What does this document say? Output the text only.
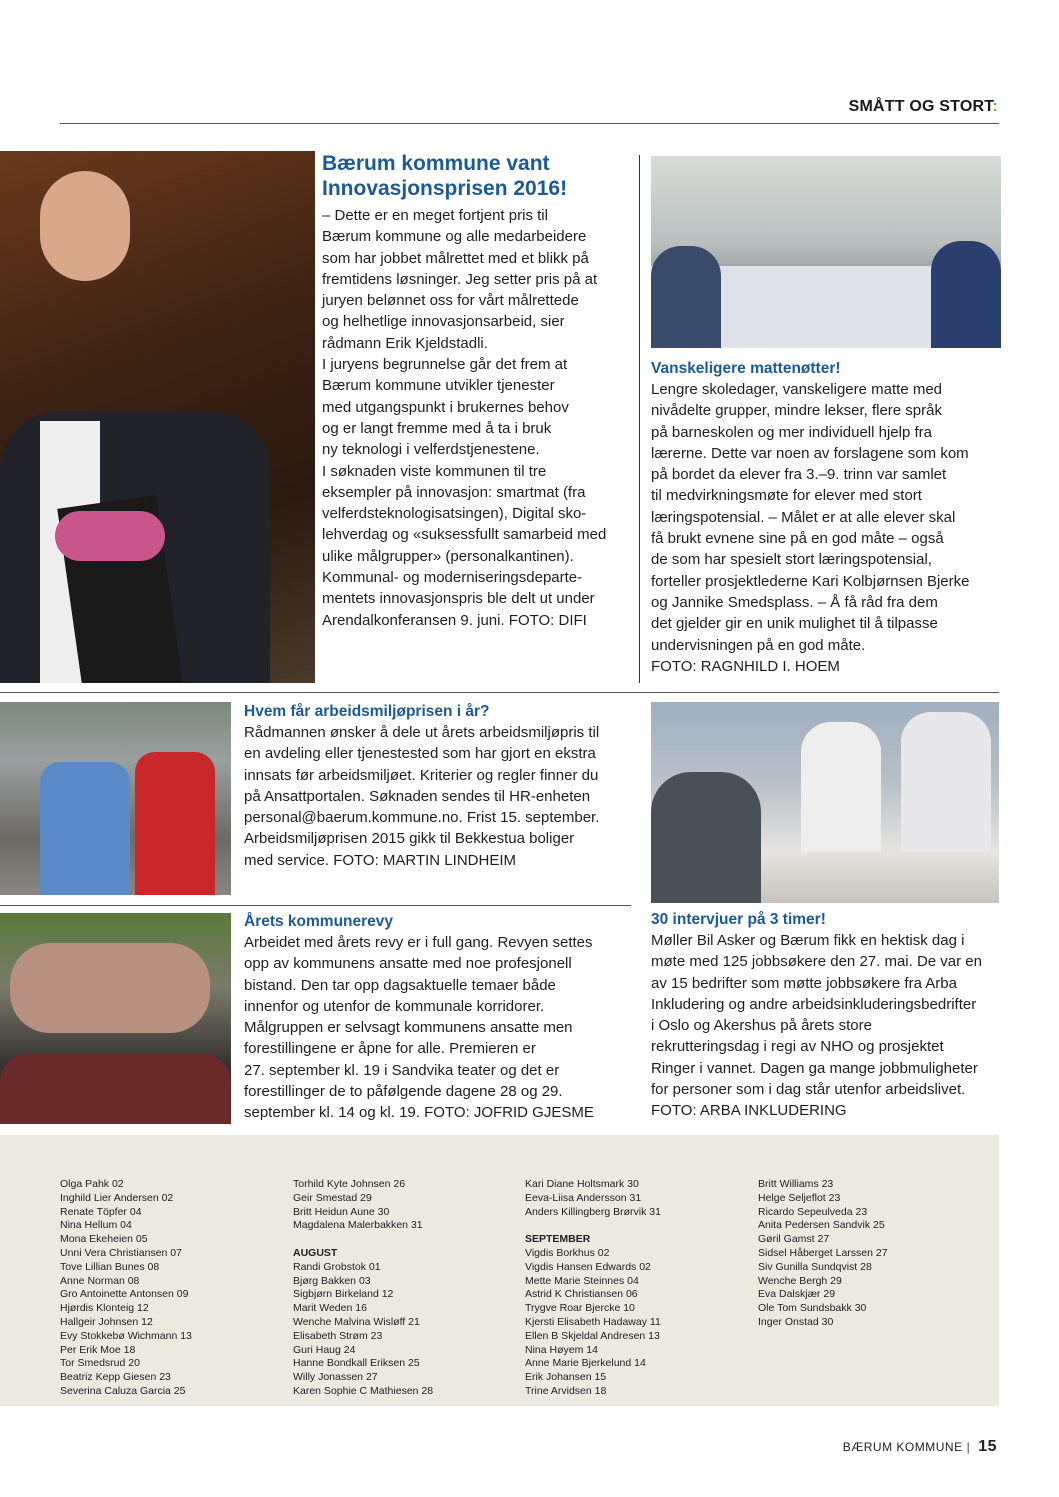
SMÅTT OG STORT:
Bærum kommune vant
Innovasjonsprisen 2016!
– Dette er en meget fortjent pris til
Bærum kommune og alle medarbeidere
som har jobbet målrettet med et blikk på
fremtidens løsninger. Jeg setter pris på at
juryen belønnet oss for vårt målrettede
og helhetlige innovasjonsarbeid, sier
rådmann Erik Kjeldstadli.
I juryens begrunnelse går det frem at
Bærum kommune utvikler tjenester
med utgangspunkt i brukernes behov
og er langt fremme med å ta i bruk
ny teknologi i velferdstjenestene.
I søknaden viste kommunen til tre
eksempler på innovasjon: smartmat (fra
velferdsteknologisatsingen), Digital sko-
lehverdag og «suksessfullt samarbeid med
ulike målgrupper» (personalkantinen).
Kommunal- og moderniseringsdeparte-
mentets innovasjonspris ble delt ut under
Arendalkonferansen 9. juni. FOTO: DIFI
Vanskeligere mattenøtter!
Lengre skoledager, vanskeligere matte med
nivådelte grupper, mindre lekser, flere språk
på barneskolen og mer individuell hjelp fra
lærerne. Dette var noen av forslagene som kom
på bordet da elever fra 3.–9. trinn var samlet
til medvirkningsmøte for elever med stort
læringspotensial. – Målet er at alle elever skal
få brukt evnene sine på en god måte – også
de som har spesielt stort læringspotensial,
forteller prosjektlederne Kari Kolbjørnsen Bjerke
og Jannike Smedsplass. – Å få råd fra dem
det gjelder gir en unik mulighet til å tilpasse
undervisningen på en god måte.
FOTO: RAGNHILD I. HOEM
Hvem får arbeidsmiljøprisen i år?
Rådmannen ønsker å dele ut årets arbeidsmiljøpris til
en avdeling eller tjenestested som har gjort en ekstra
innsats før arbeidsmiljøet. Kriterier og regler finner du
på Ansattportalen. Søknaden sendes til HR-enheten
personal@baerum.kommune.no. Frist 15. september.
Arbeidsmiljøprisen 2015 gikk til Bekkestua boliger
med service. FOTO: MARTIN LINDHEIM
Årets kommunerevy
Arbeidet med årets revy er i full gang. Revyen settes
opp av kommunens ansatte med noe profesjonell
bistand. Den tar opp dagsaktuelle temaer både
innenfor og utenfor de kommunale korridorer.
Målgruppen er selvsagt kommunens ansatte men
forestillingene er åpne for alle. Premieren er
27. september kl. 19 i Sandvika teater og det er
forestillinger de to påfølgende dagene 28 og 29.
september kl. 14 og kl. 19. FOTO: JOFRID GJESME
30 intervjuer på 3 timer!
Møller Bil Asker og Bærum fikk en hektisk dag i
møte med 125 jobbsøkere den 27. mai. De var en
av 15 bedrifter som møtte jobbsøkere fra Arba
Inkludering og andre arbeidsinkluderingsbedrifter
i Oslo og Akershus på årets store
rekrutteringsdag i regi av NHO og prosjektet
Ringer i vannet. Dagen ga mange jobbmuligheter
for personer som i dag står utenfor arbeidslivet.
FOTO: ARBA INKLUDERING
Olga Pahk 02
Inghild Lier Andersen 02
Renate Töpfer 04
Nina Hellum 04
Mona Ekeheien 05
Unni Vera Christiansen 07
Tove Lillian Bunes 08
Anne Norman 08
Gro Antoinette Antonsen 09
Hjørdis Klonteig 12
Hallgeir Johnsen 12
Evy Stokkebø Wichmann 13
Per Erik Moe 18
Tor Smedsrud 20
Beatriz Kepp Giesen 23
Severina Caluza Garcia 25
Torhild Kyte Johnsen 26
Geir Smestad 29
Britt Heidun Aune 30
Magdalena Malerbakken 31
AUGUST
Randi Grobstok 01
Bjørg Bakken 03
Sigbjørn Birkeland 12
Marit Weden 16
Wenche Malvina Wisløff 21
Elisabeth Strøm 23
Guri Haug 24
Hanne Bondkall Eriksen 25
Willy Jonassen 27
Karen Sophie C Mathiesen 28
Kari Diane Holtsmark 30
Eeva-Liisa Andersson 31
Anders Killingberg Brørvik 31
SEPTEMBER
Vigdis Borkhus 02
Vigdis Hansen Edwards 02
Mette Marie Steinnes 04
Astrid K Christiansen 06
Trygve Roar Bjercke 10
Kjersti Elisabeth Hadaway 11
Ellen B Skjeldal Andresen 13
Nina Høyem 14
Anne Marie Bjerkelund 14
Erik Johansen 15
Trine Arvidsen 18
Britt Williams 23
Helge Seljeflot 23
Ricardo Sepeulveda 23
Anita Pedersen Sandvik 25
Gøril Gamst 27
Sidsel Håberget Larssen 27
Siv Gunilla Sundqvist 28
Wenche Bergh 29
Eva Dalskjær 29
Ole Tom Sundsbakk 30
Inger Onstad 30
BÆRUM KOMMUNE | 15
